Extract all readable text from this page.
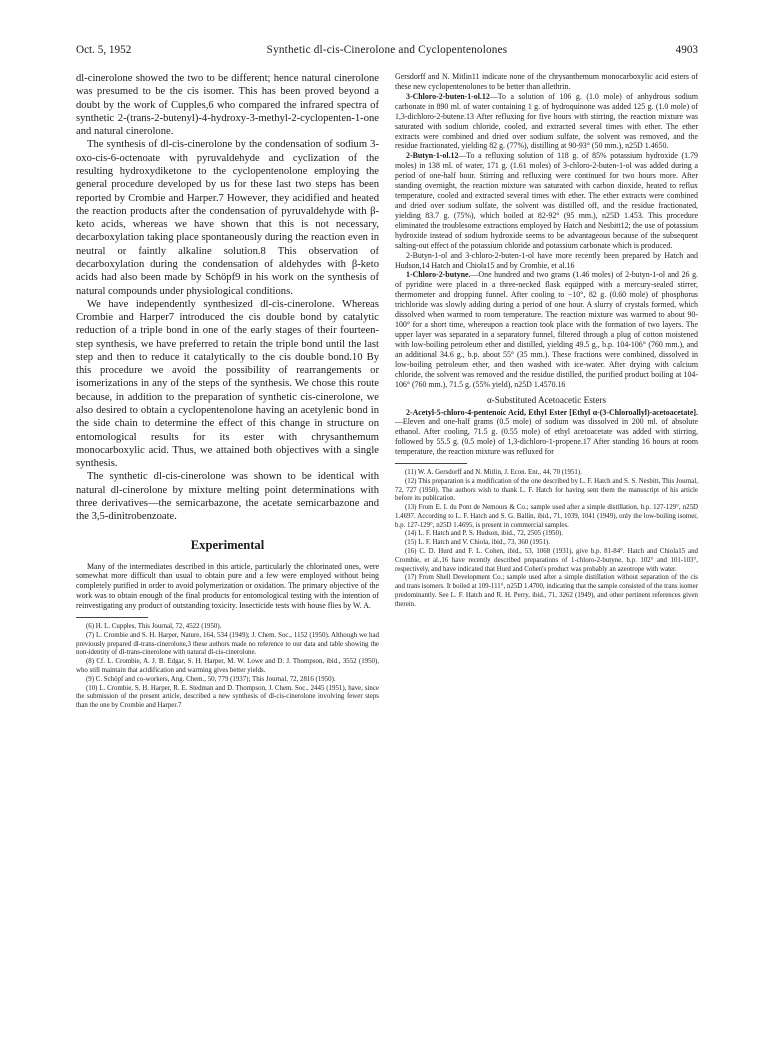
Oct. 5, 1952	Synthetic dl-cis-Cinerolone and Cyclopentenolones	4903

dl-cinerolone showed the two to be different; hence natural cinerolone was presumed to be the cis isomer. This has been proved beyond a doubt by the work of Cupples,6 who compared the infrared spectra of synthetic 2-(trans-2-butenyl)-4-hydroxy-3-methyl-2-cyclopenten-1-one and natural cinerolone.

The synthesis of dl-cis-cinerolone by the condensation of sodium 3-oxo-cis-6-octenoate with pyruvaldehyde and cyclization of the resulting hydroxydiketone to the cyclopentenolone employing the general procedure developed by us for these last two steps has been reported by Crombie and Harper.7 However, they acidified and heated the reaction products after the condensation of pyruvaldehyde with β-keto acids, whereas we have shown that this is not necessary, decarboxylation taking place spontaneously during the reaction even in neutral or faintly alkaline solution.8 This observation of decarboxylation during the condensation of aldehydes with β-keto acids had also been made by Schöpf9 in his work on the synthesis of natural compounds under physiological conditions.

We have independently synthesized dl-cis-cinerolone. Whereas Crombie and Harper7 introduced the cis double bond by catalytic reduction of a triple bond in one of the early stages of their fourteen-step synthesis, we have preferred to retain the triple bond until the last step and then to reduce it catalytically to the cis double bond.10 By this procedure we avoid the possibility of rearrangements or isomerizations in any of the steps of the synthesis. We chose this route because, in addition to the preparation of synthetic cis-cinerolone, we also desired to obtain a cyclopentenolone having an acetylenic bond in the side chain to determine the effect of this change in structure on entomological results for its ester with chrysanthemum monocarboxylic acid. Thus, we attained both objectives with a single synthesis.

The synthetic dl-cis-cinerolone was shown to be identical with natural dl-cinerolone by mixture melting point determinations with three derivatives—the semicarbazone, the acetate semicarbazone and the 3,5-dinitrobenzoate.

Experimental

Many of the intermediates described in this article, particularly the chlorinated ones, were somewhat more difficult than usual to obtain pure and a few were employed without being completely purified in order to avoid polymerization or oxidation. The primary objective of the work was to obtain enough of the final products for entomological testing with the intention of reinvestigating any product of outstanding toxicity. Insecticide tests with house flies by W. A.

(6) H. L. Cupples, This Journal, 72, 4522 (1950).

(7) L. Crombie and S. H. Harper, Nature, 164, 534 (1949); J. Chem. Soc., 1152 (1950). Although we had previously prepared dl-trans-cinerolone,3 these authors made no reference to our data and table showing the non-identity of dl-trans-cinerolone with natural dl-cis-cinerolone.

(8) Cf. L. Crombie, A. J. B. Edgar, S. H. Harper, M. W. Lowe and D. J. Thompson, ibid., 3552 (1950), who still maintain that acidification and warming gives better yields.

(9) C. Schöpf and co-workers, Ang. Chem., 50, 779 (1937); This Journal, 72, 2816 (1950).

(10) L. Crombie, S. H. Harper, R. E. Stedman and D. Thompson, J. Chem. Soc., 2445 (1951), have, since the submission of the present article, described a new synthesis of dl-cis-cinerolone involving fewer steps than the one by Crombie and Harper.7

Gersdorff and N. Mitlin11 indicate none of the chrysanthemum monocarboxylic acid esters of these new cyclopentenolones to be better than allethrin.

3-Chloro-2-buten-1-ol.12—To a solution of 106 g. (1.0 mole) of anhydrous sodium carbonate in 890 ml. of water containing 1 g. of hydroquinone was added 125 g. (1.0 mole) of 1,3-dichloro-2-butene.13 After refluxing for five hours with stirring, the reaction mixture was saturated with sodium chloride, cooled, and extracted several times with ether. The ether extracts were combined and dried over sodium sulfate, the solvent was removed, and the residue fractionated, yielding 82 g. (77%), distilling at 90-93° (50 mm.), n25D 1.4650.

2-Butyn-1-ol.12—To a refluxing solution of 118 g. of 85% potassium hydroxide (1.79 moles) in 138 ml. of water, 171 g. (1.61 moles) of 3-chloro-2-buten-1-ol was added during a period of one-half hour. Stirring and refluxing were continued for two hours more. After standing overnight, the reaction mixture was saturated with carbon dioxide, heated to reflux temperature, cooled and extracted several times with ether. The ether extracts were combined and dried over sodium sulfate, the solvent was distilled off, and the residue fractionated, yielding 83.7 g. (75%), which boiled at 82-92° (95 mm.), n25D 1.453. This procedure eliminated the troublesome extractions employed by Hatch and Nesbitt12; the use of potassium hydroxide instead of sodium hydroxide seems to be advantageous because of the subsequent salting-out effect of the potassium chloride and potassium carbonate which is produced.

2-Butyn-1-ol and 3-chloro-2-buten-1-ol have more recently been prepared by Hatch and Hudson,14 Hatch and Chiola15 and by Crombie, et al.16

1-Chloro-2-butyne.—One hundred and two grams (1.46 moles) of 2-butyn-1-ol and 26 g. of pyridine were placed in a three-necked flask equipped with a mercury-sealed stirrer, thermometer and dropping funnel. After cooling to −10°, 82 g. (0.60 mole) of phosphorus trichloride was slowly adding during a period of one hour. A slurry of crystals formed, which dissolved when warmed to room temperature. The reaction mixture was warmed to about 90-100° for a short time, whereupon a reaction took place with the formation of two layers. The upper layer was separated in a separatory funnel, filtered through a plug of cotton moistened with low-boiling petroleum ether and distilled, yielding 49.5 g., b.p. 104-106° (760 mm.), and an additional 34.6 g., b.p. about 55° (35 mm.). These fractions were combined, dissolved in low-boiling petroleum ether, and then washed with ice-water. After drying with calcium chloride, the solvent was removed and the residue distilled, the purified product boiling at 104-106° (760 mm.), 71.5 g. (55% yield), n25D 1.4570.16

α-Substituted Acetoacetic Esters

2-Acetyl-5-chloro-4-pentenoic Acid, Ethyl Ester [Ethyl α-(3-Chloroallyl)-acetoacetate].—Eleven and one-half grams (0.5 mole) of sodium was dissolved in 200 ml. of absolute ethanol. After cooling, 71.5 g. (0.55 mole) of ethyl acetoacetate was added with stirring, followed by 55.5 g. (0.5 mole) of 1,3-dichloro-1-propene.17 After standing 16 hours at room temperature, the reaction mixture was refluxed for

(11) W. A. Gersdorff and N. Mitlin, J. Econ. Ent., 44, 70 (1951).

(12) This preparation is a modification of the one described by L. F. Hatch and S. S. Nesbitt, This Journal, 72, 727 (1950). The authors wish to thank L. F. Hatch for having sent them the manuscript of his article before its publication.

(13) From E. I. du Pont de Nemours & Co.; sample used after a simple distillation, b.p. 127-129°, n25D 1.4697. According to L. F. Hatch and S. G. Ballin, ibid., 71, 1039, 1041 (1949), only the low-boiling isomer, b.p. 127-129°, n25D 1.4695, is present in commercial samples.

(14) L. F. Hatch and P. S. Hudson, ibid., 72, 2505 (1950).

(15) L. F. Hatch and V. Chiola, ibid., 73, 360 (1951).

(16) C. D. Hurd and F. L. Cohen, ibid., 53, 1068 (1931), give b.p. 81-84°. Hatch and Chiola15 and Crombie, et al.,16 have recently described preparations of 1-chloro-2-butyne, b.p. 102° and 101-103°, respectively, and have indicated that Hurd and Cohen's product was probably an azeotrope with water.

(17) From Shell Development Co.; sample used after a simple distillation without separation of the cis and trans isomers. It boiled at 109-111°, n25D 1.4700, indicating that the sample consisted of the trans isomer predominantly. See L. F. Hatch and R. H. Perry, ibid., 71, 3262 (1949), and other pertinent references given therein.
